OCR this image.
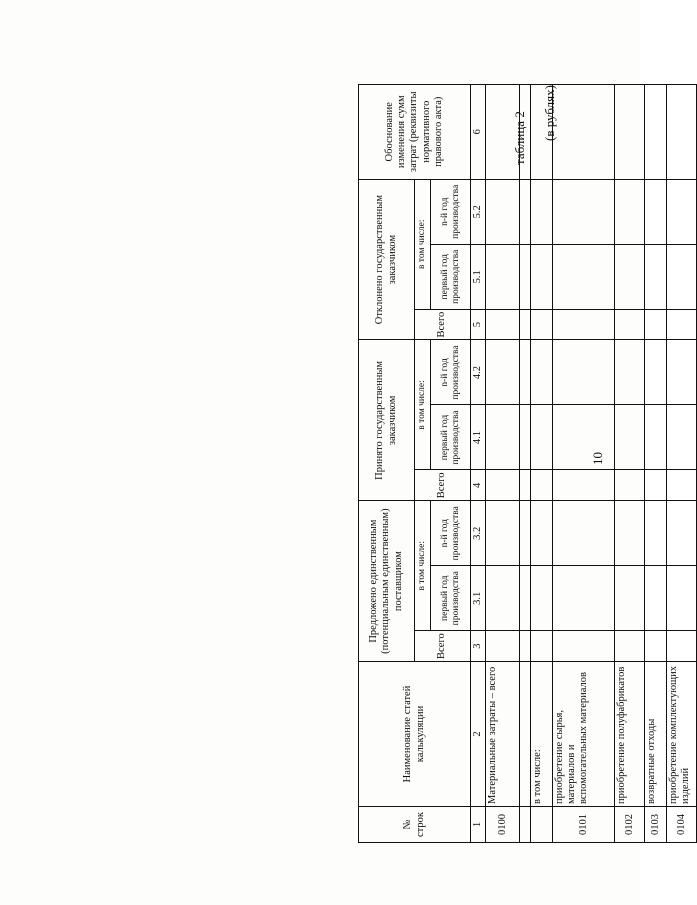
10
таблица 2 (в рублях)
№ строк	Наименование статей калькуляции	Предложено единственным (потенциальным единственным) поставщиком			Принято государственным заказчиком			Отклонено государственным заказчиком			Обоснование изменения сумм затрат (реквизиты нормативного правового акта)
		Всего	в том числе:		Всего	в том числе:		Всего	в том числе:		
			первый год производства	n-й год производства		первый год производства	n-й год производства		первый год производства	n-й год производства	
1	2	3	3.1	3.2	4	4.1	4.2	5	5.1	5.2	6
0100	Материальные затраты – всего										

	в том числе:										
0101	приобретение сырья, материалов и вспомогательных материалов										
0102	приобретение полуфабрикатов										
0103	возвратные отходы										
0104	приобретение комплектующих изделий										
